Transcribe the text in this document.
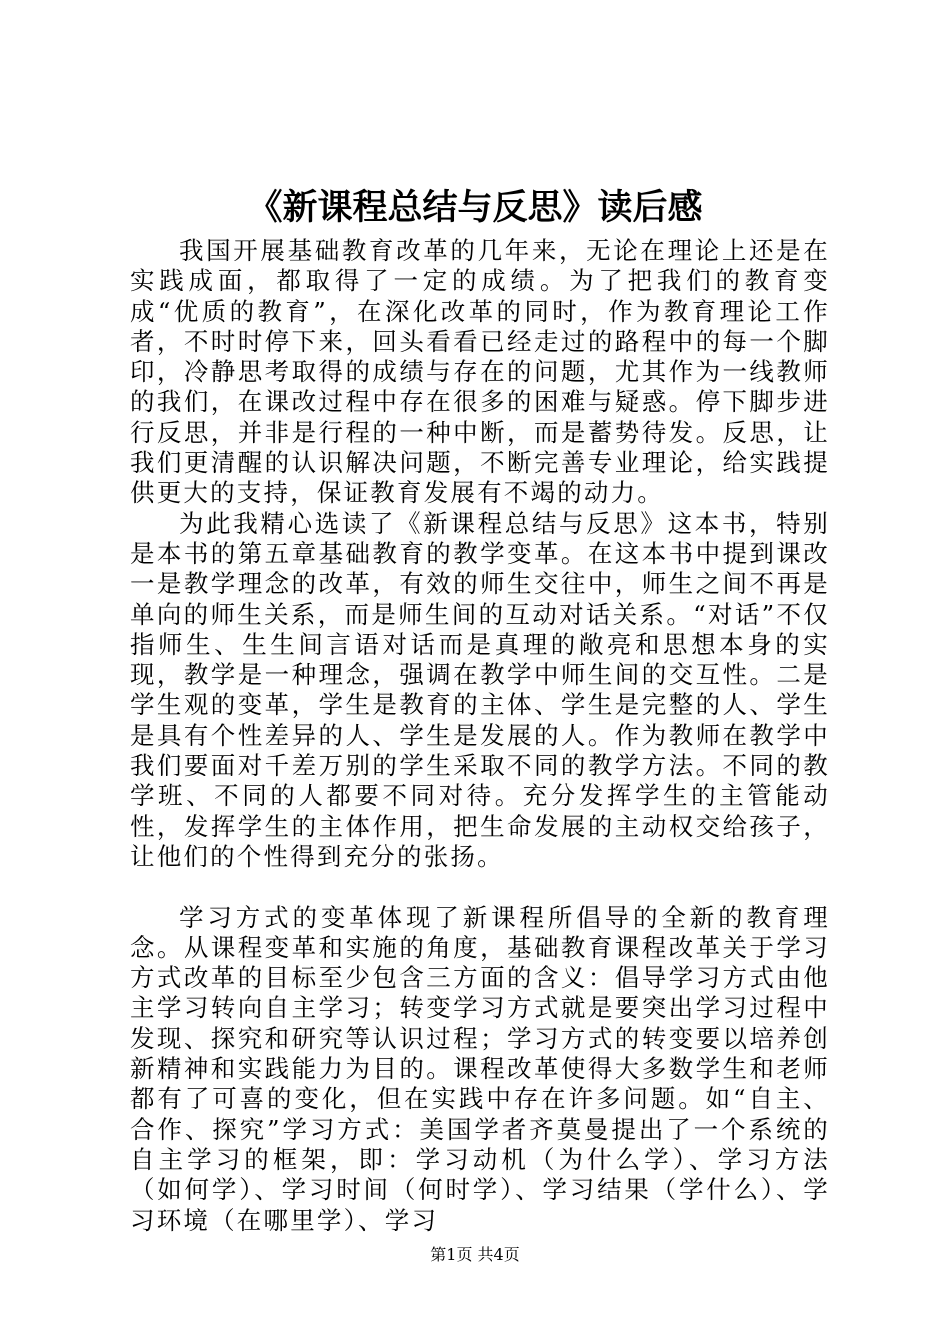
《新课程总结与反思》读后感

我国开展基础教育改革的几年来，无论在理论上还是在实践成面，都取得了一定的成绩。为了把我们的教育变成“优质的教育”，在深化改革的同时，作为教育理论工作者，不时时停下来，回头看看已经走过的路程中的每一个脚印，冷静思考取得的成绩与存在的问题，尤其作为一线教师的我们，在课改过程中存在很多的困难与疑惑。停下脚步进行反思，并非是行程的一种中断，而是蓄势待发。反思，让我们更清醒的认识解决问题，不断完善专业理论，给实践提供更大的支持，保证教育发展有不竭的动力。

为此我精心选读了《新课程总结与反思》这本书，特别是本书的第五章基础教育的教学变革。在这本书中提到课改一是教学理念的改革，有效的师生交往中，师生之间不再是单向的师生关系，而是师生间的互动对话关系。“对话”不仅指师生、生生间言语对话而是真理的敞亮和思想本身的实现，教学是一种理念，强调在教学中师生间的交互性。二是学生观的变革，学生是教育的主体、学生是完整的人、学生是具有个性差异的人、学生是发展的人。作为教师在教学中我们要面对千差万别的学生采取不同的教学方法。不同的教学班、不同的人都要不同对待。充分发挥学生的主管能动性，发挥学生的主体作用，把生命发展的主动权交给孩子，让他们的个性得到充分的张扬。

学习方式的变革体现了新课程所倡导的全新的教育理念。从课程变革和实施的角度，基础教育课程改革关于学习方式改革的目标至少包含三方面的含义：倡导学习方式由他主学习转向自主学习；转变学习方式就是要突出学习过程中发现、探究和研究等认识过程；学习方式的转变要以培养创新精神和实践能力为目的。课程改革使得大多数学生和老师都有了可喜的变化，但在实践中存在许多问题。如“自主、合作、探究”学习方式：美国学者齐莫曼提出了一个系统的自主学习的框架，即：学习动机（为什么学）、学习方法（如何学）、学习时间（何时学）、学习结果（学什么）、学习环境（在哪里学）、学习

第1页 共4页
